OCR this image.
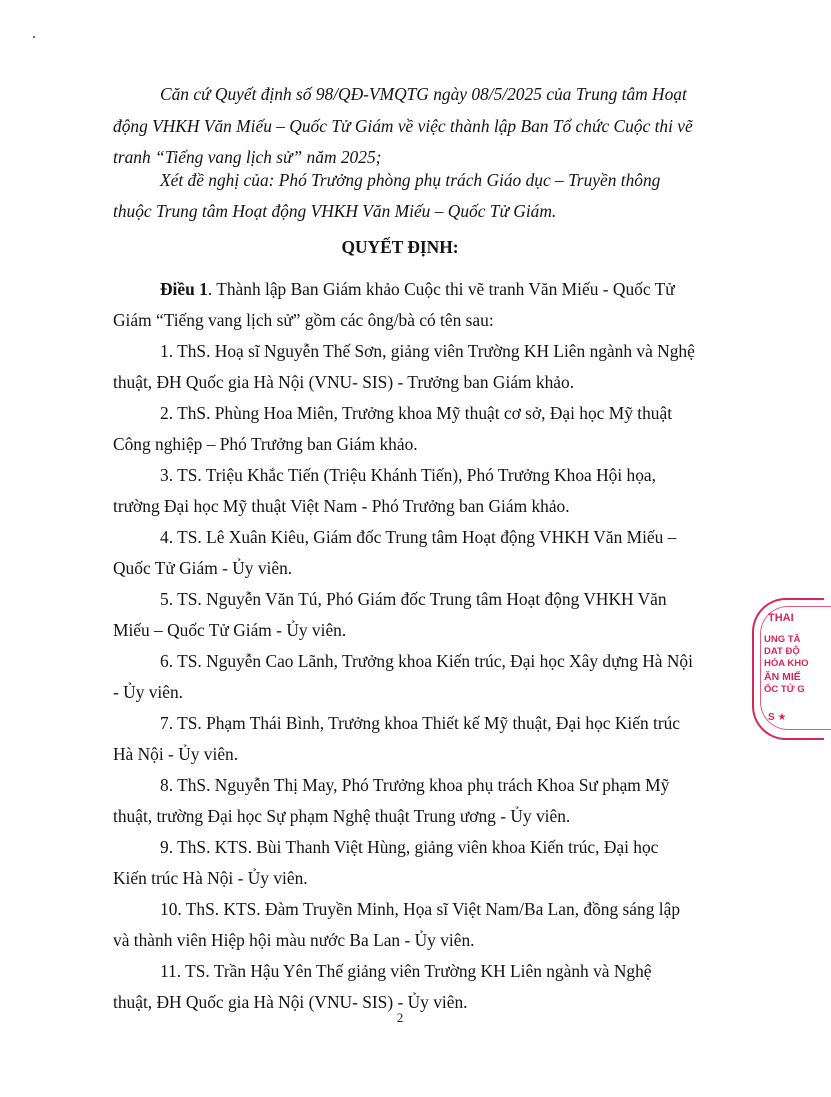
Căn cứ Quyết định số 98/QĐ-VMQTG ngày 08/5/2025 của Trung tâm Hoạt
động VHKH Văn Miếu – Quốc Tử Giám về việc thành lập Ban Tổ chức Cuộc thi vẽ
tranh “Tiếng vang lịch sử” năm 2025;
Xét đề nghị của: Phó Trưởng phòng phụ trách Giáo dục – Truyền thông
thuộc Trung tâm Hoạt động VHKH Văn Miếu – Quốc Tử Giám.
QUYẾT ĐỊNH:
Điều 1. Thành lập Ban Giám khảo Cuộc thi vẽ tranh Văn Miếu - Quốc Tử
Giám “Tiếng vang lịch sử” gồm các ông/bà có tên sau:
1. ThS. Hoạ sĩ Nguyễn Thế Sơn, giảng viên Trường KH Liên ngành và Nghệ
thuật, ĐH Quốc gia Hà Nội (VNU- SIS) - Trưởng ban Giám khảo.
2. ThS. Phùng Hoa Miên, Trưởng khoa Mỹ thuật cơ sở, Đại học Mỹ thuật
Công nghiệp – Phó Trưởng ban Giám khảo.
3. TS. Triệu Khắc Tiến (Triệu Khánh Tiến), Phó Trưởng Khoa Hội họa,
trường Đại học Mỹ thuật Việt Nam - Phó Trưởng ban Giám khảo.
4. TS. Lê Xuân Kiêu, Giám đốc Trung tâm Hoạt động VHKH Văn Miếu –
Quốc Tử Giám - Ủy viên.
5. TS. Nguyễn Văn Tú, Phó Giám đốc Trung tâm Hoạt động VHKH Văn
Miếu – Quốc Tử Giám - Ủy viên.
6. TS. Nguyễn Cao Lãnh, Trưởng khoa Kiến trúc, Đại học Xây dựng Hà Nội
- Ủy viên.
7. TS. Phạm Thái Bình, Trưởng khoa Thiết kế Mỹ thuật, Đại học Kiến trúc
Hà Nội - Ủy viên.
8. ThS. Nguyễn Thị May, Phó Trưởng khoa phụ trách Khoa Sư phạm Mỹ
thuật, trường Đại học Sự phạm Nghệ thuật Trung ương - Ủy viên.
9. ThS. KTS. Bùi Thanh Việt Hùng, giảng viên khoa Kiến trúc, Đại học
Kiến trúc Hà Nội - Ủy viên.
10. ThS. KTS. Đàm Truyền Minh, Họa sĩ Việt Nam/Ba Lan, đồng sáng lập
và thành viên Hiệp hội màu nước Ba Lan - Ủy viên.
11. TS. Trần Hậu Yên Thế giảng viên Trường KH Liên ngành và Nghệ
thuật, ĐH Quốc gia Hà Nội (VNU- SIS) - Ủy viên.
2
THAI
UNG TÂ
DAT ĐỘ
HÓA KHO
ĂN MIẾ
ỐC TỬ G
S ★
